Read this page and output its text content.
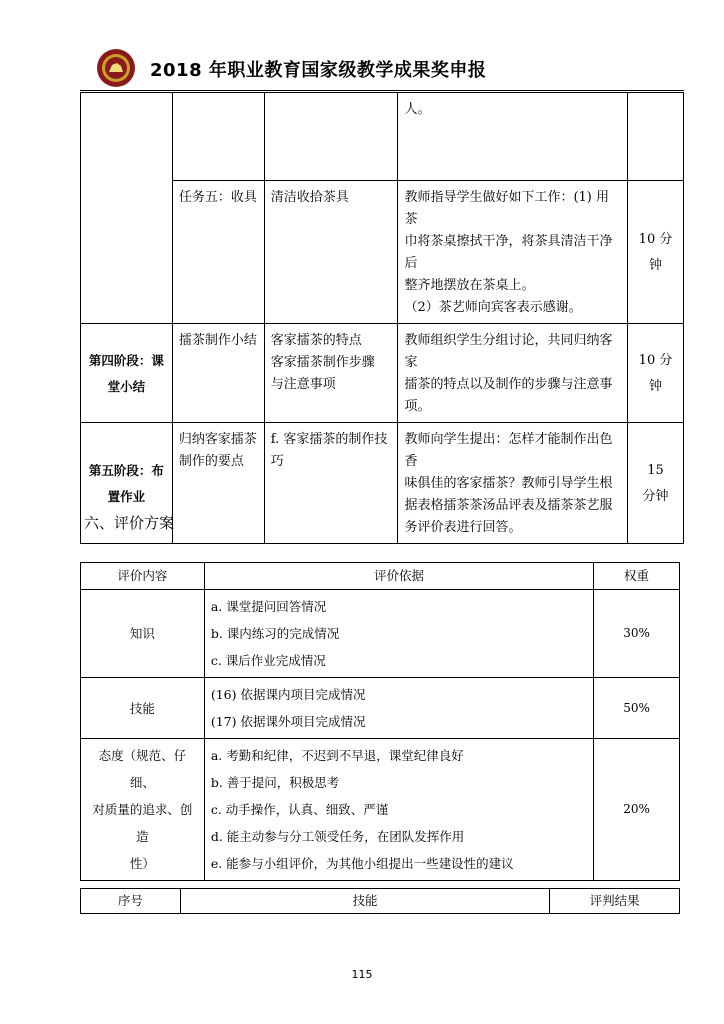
2018 年职业教育国家级教学成果奖申报

			人。	

	任务五：收具	清洁收拾茶具	教师指导学生做好如下工作：(1) 用茶
巾将茶桌擦拭干净，将茶具清洁干净后
整齐地摆放在茶桌上。
（2）茶艺师向宾客表示感谢。	10 分
钟

第四阶段：课
堂小结	擂茶制作小结	客家擂茶的特点
客家擂茶制作步骤
与注意事项	教师组织学生分组讨论，共同归纳客家
擂茶的特点以及制作的步骤与注意事
项。	10 分
钟

第五阶段：布
置作业	归纳客家擂茶
制作的要点	f. 客家擂茶的制作技
巧	教师向学生提出：怎样才能制作出色香
味俱佳的客家擂茶？教师引导学生根
据表格擂茶茶汤品评表及擂茶茶艺服
务评价表进行回答。	15
分钟
六、评价方案
评价内容	评价依据	权重
知识	a. 课堂提问回答情况
b. 课内练习的完成情况
c. 课后作业完成情况	30%
技能	(16) 依据课内项目完成情况
(17) 依据课外项目完成情况	50%

态度（规范、仔细、
对质量的追求、创造
性）	a. 考勤和纪律，不迟到不早退，课堂纪律良好
b. 善于提问，积极思考
c. 动手操作，认真、细致、严谨
d. 能主动参与分工领受任务，在团队发挥作用
e. 能参与小组评价，为其他小组提出一些建设性的建议	20%
序号	技能	评判结果
115
